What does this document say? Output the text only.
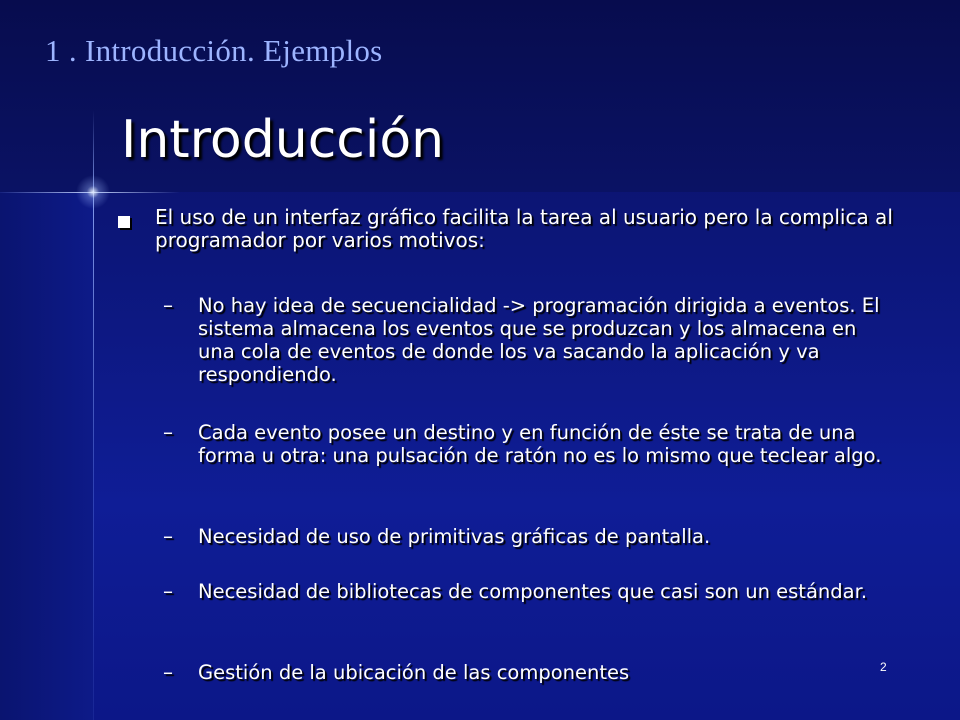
1 . Introducción. Ejemplos
Introducción
El uso de un interfaz gráfico facilita la tarea al usuario pero la complica al programador por varios motivos:
– No hay idea de secuencialidad -> programación dirigida a eventos. El sistema almacena los eventos que se produzcan y los almacena en una cola de eventos de donde los va sacando la aplicación y va respondiendo.
– Cada evento posee un destino y en función de éste se trata de una forma u otra: una pulsación de ratón no es lo mismo que teclear algo.
– Necesidad de uso de primitivas gráficas de pantalla.
– Necesidad de bibliotecas de componentes que casi son un estándar.
– Gestión de la ubicación de las componentes	2
